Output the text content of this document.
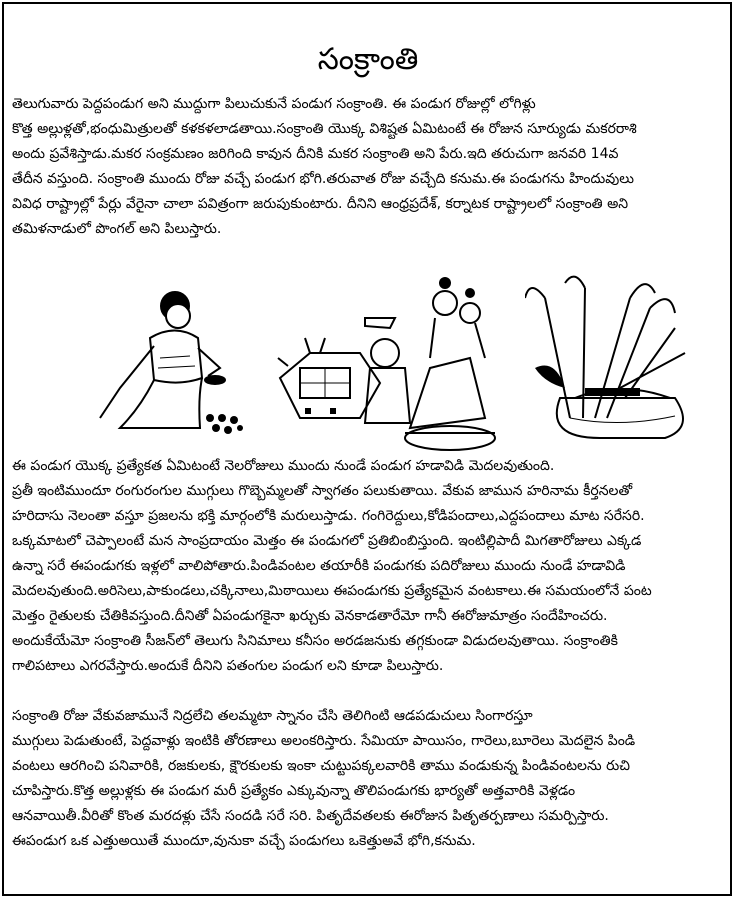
సంక్రాంతి
తెలుగువారు పెద్దపండుగ అని ముద్దుగా పిలుచుకునే పండుగ సంక్రాంతి. ఈ పండుగ రోజుల్లో లోగిళ్లు
కొత్త అల్లుళ్లతో,భంధుమిత్రులతో కళకళలాడతాయి.సంక్రాంతి యొక్క విశిష్టత ఏమిటంటే ఈ రోజున సూర్యుడు మకరరాశి
అందు ప్రవేశిస్తాడు.మకర సంక్రమణం జరిగింది కావున దీనికి మకర సంక్రాంతి అని పేరు.ఇది తరుచుగా జనవరి 14వ
తేదీన వస్తుంది. సంక్రాంతి ముందు రోజు వచ్చే పండుగ భోగి.తరువాత రోజు వచ్చేది కనుమ.ఈ పండుగను హిందువులు
వివిధ రాష్ట్రాల్లో పేర్లు వేరైనా చాలా పవిత్రంగా జరుపుకుంటారు. దీనిని ఆంధ్రప్రదేశ్, కర్నాటక రాష్ట్రాలలో సంక్రాంతి అని
తమిళనాడులో పొంగల్ అని పిలుస్తారు.
ఈ పండుగ యొక్క ప్రత్యేకత ఏమిటంటే నెలరోజులు ముందు నుండే పండుగ హడావిడి మెదలవుతుంది.
ప్రతీ ఇంటిముందూ రంగురంగుల ముగ్గులు గొబ్బెమ్మలతో స్వాగతం పలుకుతాయి. వేకువ జామున హరినామ కీర్తనలతో
హరిదాసు నెలంతా వస్తూ ప్రజలను భక్తి మార్గంలోకి మరులుస్తాడు. గంగిరెద్దులు,కోడిపందాలు,ఎద్దపందాలు మాట సరేసరి.
ఒక్కమాటలో చెప్పాలంటే మన సాంప్రదాయం మెత్తం ఈ పండుగలో ప్రతిబింబిస్తుంది. ఇంటిల్లిపాదీ మిగతారోజులు ఎక్కడ
ఉన్నా సరే ఈపండుగకు ఇళ్లలో వాలిపోతారు.పిండివంటల తయారీకి పండుగకు పదిరోజులు ముందు నుండే హడావిడి
మెదలవుతుంది.అరిసెలు,పాకుండలు,చక్కినాలు,మిఠాయిలు ఈపండుగకు ప్రత్యేకమైన వంటకాలు.ఈ సమయంలోనే పంట
మెత్తం రైతులకు చేతికివస్తుంది.దీనితో ఏపండుగకైనా ఖర్చుకు వెనకాడతారేమో గానీ ఈరోజుమాత్రం సందేహించరు.
అందుకేయేమో సంక్రాంతి సీజన్‌లో తెలుగు సినిమాలు కనీసం అరడజనుకు తగ్గకుండా విడుదలవుతాయి. సంక్రాంతికి
గాలిపటాలు ఎగరవేస్తారు.అందుకే దీనిని పతంగుల పండుగ లని కూడా పిలుస్తారు.
సంక్రాంతి రోజు వేకువజామునే నిద్రలేచి తలమ్మటా స్నానం చేసి తెలిగింటి ఆడపడుచులు సింగారస్తూ
ముగ్గులు పెడుతుంటే, పెద్దవాళ్లు ఇంటికి తోరణాలు అలంకరిస్తారు. సేమియా పాయిసం, గారెలు,బూరెలు మెదలైన పిండి
వంటలు ఆరగించి పనివారికి, రజకులకు, క్షౌరకులకు ఇంకా చుట్టుపక్కలవారికి తాము వండుకున్న పిండివంటలను రుచి
చూపిస్తారు.కొత్త అల్లుళ్లకు ఈ పండుగ మరీ ప్రత్యేకం ఎక్కువున్నా తొలిపండుగకు భార్యతో అత్తవారికి వెళ్లడం
ఆనవాయితీ.వీరితో కొంత మరదళ్లు చేసే సందడి సరే సరి. పితృదేవతలకు ఈరోజున పితృతర్పణాలు సమర్పిస్తారు.
ఈపండుగ ఒక ఎత్తుఅయితే ముందూ,వునుకా వచ్చే పండుగలు ఒకెత్తుఅవే భోగి,కనుమ.
